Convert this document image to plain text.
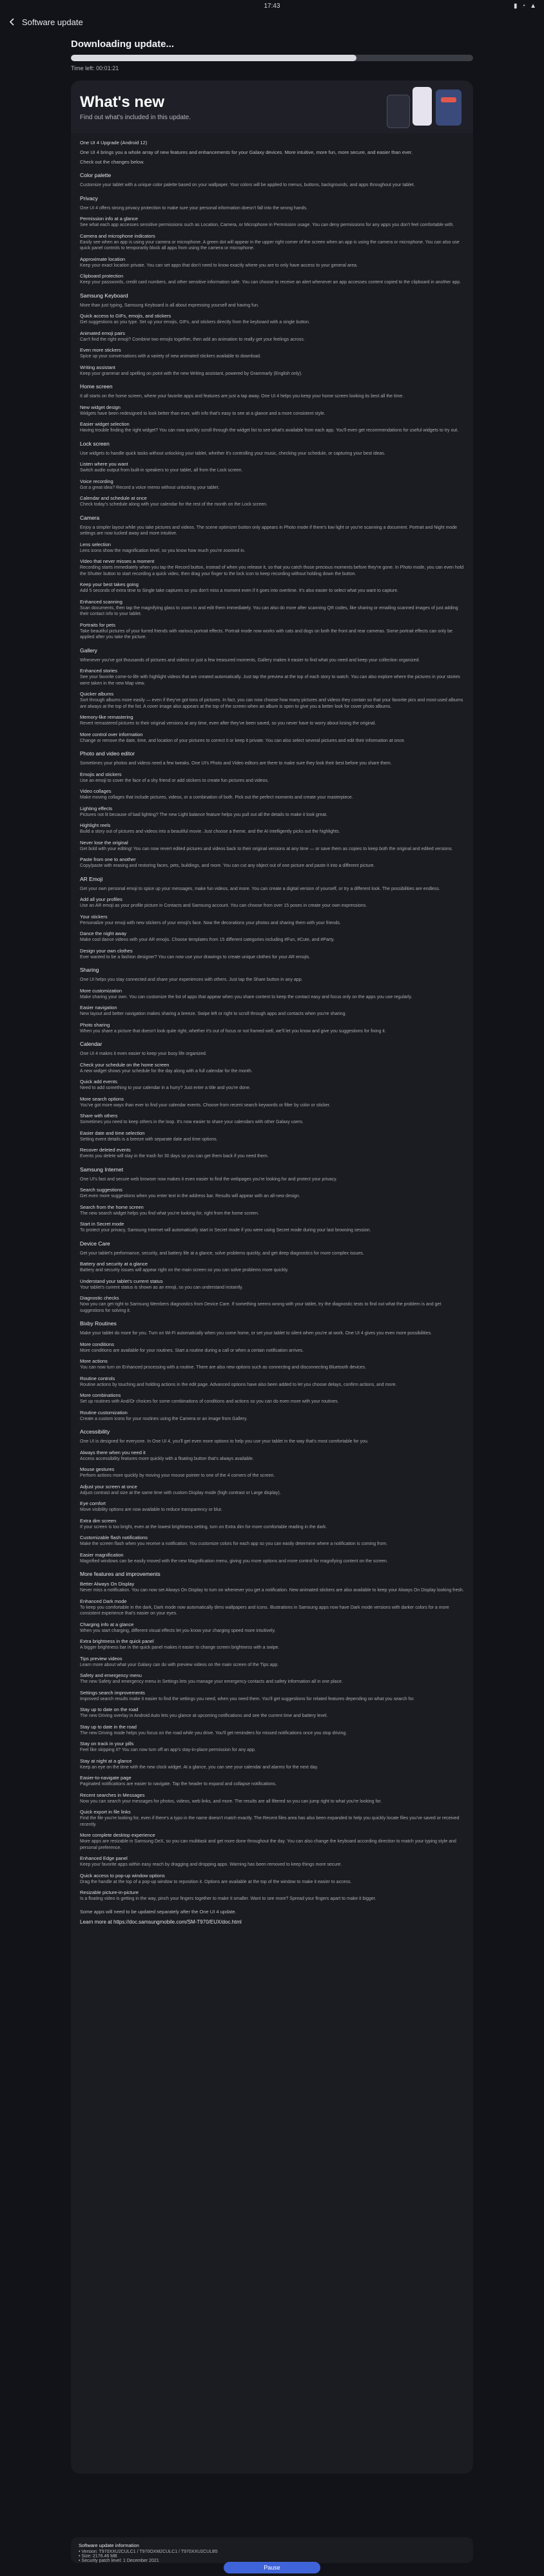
17:43	▮ ◔ ▲
Software update
Downloading update...
Time left: 00:01:21
What's new
Find out what's included in this update.

One UI 4 Upgrade (Android 12)

One UI 4 brings you a whole array of new features and enhancements for your Galaxy devices. More intuitive, more fun, more secure, and easier than ever.

Check out the changes below.

Color palette
Customize your tablet with a unique color palette based on your wallpaper. Your colors will be applied to menus, buttons, backgrounds, and apps throughout your tablet.
Privacy
One UI 4 offers strong privacy protection to make sure your personal information doesn't fall into the wrong hands.
Permission info at a glance
See what each app accesses sensitive permissions such as Location, Camera, or Microphone in Permission usage. You can deny permissions for any apps you don't feel comfortable with.
Camera and microphone indicators
Easily see when an app is using your camera or microphone. A green dot will appear in the upper right corner of the screen when an app is using the camera or microphone. You can also use quick panel controls to temporarily block all apps from using the camera or microphone.
Approximate location
Keep your exact location private. You can set apps that don't need to know exactly where you are to only have access to your general area.
Clipboard protection
Keep your passwords, credit card numbers, and other sensitive information safe. You can choose to receive an alert whenever an app accesses content copied to the clipboard in another app.
Samsung Keyboard
More than just typing, Samsung Keyboard is all about expressing yourself and having fun.
Quick access to GIFs, emojis, and stickers
Get suggestions as you type. Set up your emojis, GIFs, and stickers directly from the keyboard with a single button.
Animated emoji pairs
Can't find the right emoji? Combine two emojis together, then add an animation to really get your feelings across.
Even more stickers
Spice up your conversations with a variety of new animated stickers available to download.
Writing assistant
Keep your grammar and spelling on point with the new Writing assistant, powered by Grammarly (English only).
Home screen
It all starts on the home screen, where your favorite apps and features are just a tap away. One UI 4 helps you keep your home screen looking its best all the time.
New widget design
Widgets have been redesigned to look better than ever, with info that's easy to see at a glance and a more consistent style.
Easier widget selection
Having trouble finding the right widget? You can now quickly scroll through the widget list to see what's available from each app. You'll even get recommendations for useful widgets to try out.
Lock screen
Use widgets to handle quick tasks without unlocking your tablet, whether it's controlling your music, checking your schedule, or capturing your best ideas.
Listen where you want
Switch audio output from built-in speakers to your tablet, all from the Lock screen.
Voice recording
Got a great idea? Record a voice memo without unlocking your tablet.
Calendar and schedule at once
Check today's schedule along with your calendar for the rest of the month on the Lock screen.
Camera
Enjoy a simpler layout while you take pictures and videos. The scene optimizer button only appears in Photo mode if there's low light or you're scanning a document. Portrait and Night mode settings are now tucked away and more intuitive.
Lens selection
Lens icons show the magnification level, so you know how much you're zoomed in.
Video that never misses a moment
Recording starts immediately when you tap the Record button, instead of when you release it, so that you catch those precious moments before they're gone. In Photo mode, you can even hold the Shutter button to start recording a quick video, then drag your finger to the lock icon to keep recording without holding down the button.
Keep your best takes going
Add 5 seconds of extra time to Single take captures so you don't miss a moment even if it goes into overtime. It's also easier to select what you want to capture.
Enhanced scanning
Scan documents, then tap the magnifying glass to zoom in and edit them immediately. You can also do more after scanning QR codes, like sharing or emailing scanned images of just adding their contact info to your tablet.
Portraits for pets
Take beautiful pictures of your furred friends with various portrait effects. Portrait mode now works with cats and dogs on both the front and rear cameras. Some portrait effects can only be applied after you take the picture.
Gallery
Whenever you've got thousands of pictures and videos or just a few treasured moments, Gallery makes it easier to find what you need and keep your collection organized.
Enhanced stories
See your favorite come-to-life with highlight videos that are created automatically. Just tap the preview at the top of each story to watch. You can also explore where the pictures in your stories were taken in the new Map view.
Quicker albums
Sort through albums more easily — even if they've got tons of pictures. In fact, you can now choose how many pictures and videos they contain so that your favorite pics and most-used albums are always at the top of the list. A cover image also appears at the top of the screen when an album is open to give you a better look for cover photo albums.
Memory-like remastering
Revert remastered pictures to their original versions at any time, even after they've been saved, so you never have to worry about losing the original.
More control over information
Change or remove the date, time, and location of your pictures to correct it or keep it private. You can also select several pictures and edit their information at once.
Photo and video editor
Sometimes your photos and videos need a few tweaks. One UI's Photo and Video editors are there to make sure they look their best before you share them.
Emojis and stickers
Use an emoji to cover the face of a shy friend or add stickers to create fun pictures and videos.
Video collages
Make moving collages that include pictures, videos, or a combination of both. Pick out the perfect moments and create your masterpiece.
Lighting effects
Pictures not lit because of bad lighting? The new Light balance feature helps you pull out all the details to make it look great.
Highlight reels
Build a story out of pictures and videos into a beautiful movie. Just choose a theme, and the AI intelligently picks out the highlights.
Never lose the original
Get bold with your editing! You can now revert edited pictures and videos back to their original versions at any time — or save them as copies to keep both the original and edited versions.
Paste from one to another
Copy/paste with erasing and restoring faces, pets, buildings, and more. You can cut any object out of one picture and paste it into a different picture.
AR Emoji
Get your own personal emoji to spice up your messages, make fun videos, and more. You can create a digital version of yourself, or try a different look. The possibilities are endless.
Add all your profiles
Use an AR emoji as your profile picture in Contacts and Samsung account. You can choose from over 15 poses in create your own expressions.
Your stickers
Personalize your emoji with new stickers of your emoji's face. Now the decorations your photos and sharing them with your friends.
Dance the night away
Make cool dance videos with your AR emojis. Choose templates from 15 different categories including #Fun, #Cute, and #Party.
Design your own clothes
Ever wanted to be a fashion designer? You can now use your drawings to create unique clothes for your AR emojis.
Sharing
One UI helps you stay connected and share your experiences with others. Just tap the Share button in any app.
More customization
Make sharing your own. You can customize the list of apps that appear when you share content to keep the contact easy and focus only on the apps you use regularly.
Easier navigation
New layout and better navigation makes sharing a breeze. Swipe left or right to scroll through apps and contacts when you're sharing.
Photo sharing
When you share a picture that doesn't look quite right, whether it's out of focus or not framed well, we'll let you know and give you suggestions for fixing it.
Calendar
One UI 4 makes it even easier to keep your busy life organized.
Check your schedule on the home screen
A new widget shows your schedule for the day along with a full calendar for the month.
Quick add events
Need to add something to your calendar in a hurry? Just enter a title and you're done.
More search options
You've got more ways than ever to find your calendar events. Choose from recent search keywords or filter by color or sticker.
Share with others
Sometimes you need to keep others in the loop. It's now easier to share your calendars with other Galaxy users.
Easier date and time selection
Setting event details is a breeze with separate date and time options.
Recover deleted events
Events you delete will stay in the trash for 30 days so you can get them back if you need them.
Samsung Internet
One UI's fast and secure web browser now makes it even easier to find the webpages you're looking for and protect your privacy.
Search suggestions
Get even more suggestions when you enter text in the address bar. Results will appear with an all-new design.
Search from the home screen
The new search widget helps you find what you're looking for, right from the home screen.
Start in Secret mode
To protect your privacy, Samsung Internet will automatically start in Secret mode if you were using Secret mode during your last browsing session.
Device Care
Get your tablet's performance, security, and battery life at a glance, solve problems quickly, and get deep diagnostics for more complex issues.
Battery and security at a glance
Battery and security issues will appear right on the main screen so you can solve problems more quickly.
Understand your tablet's current status
Your tablet's current status is shown as an emoji, so you can understand instantly.
Diagnostic checks
Now you can get right to Samsung Members diagnostics from Device Care. If something seems wrong with your tablet, try the diagnostic tests to find out what the problem is and get suggestions for solving it.
Bixby Routines
Make your tablet do more for you. Turn on Wi-Fi automatically when you come home, or set your tablet to silent when you're at work. One UI 4 gives you even more possibilities.
More conditions
More conditions are available for your routines. Start a routine during a call or when a certain notification arrives.
More actions
You can now turn on Enhanced processing with a routine. There are also new options such as connecting and disconnecting Bluetooth devices.
Routine controls
Routine actions by touching and holding actions in the edit page. Advanced options have also been added to let you choose delays, confirm actions, and more.
More combinations
Set up routines with And/Or choices for some combinations of conditions and actions so you can do even more with your routines.
Routine customization
Create a custom icons for your routines using the Camera or an image from Gallery.
Accessibility
One UI is designed for everyone. In One UI 4, you'll get even more options to help you use your tablet in the way that's most comfortable for you.
Always there when you need it
Access accessibility features more quickly with a floating button that's always available.
Mouse gestures
Perform actions more quickly by moving your mouse pointer to one of the 4 corners of the screen.
Adjust your screen at once
Adjust contrast and size at the same time with custom Display mode (high contrast or Large display).
Eye comfort
Move visibility options are now available to reduce transparency or blur.
Extra dim screen
If your screen is too bright, even at the lowest brightness setting, turn on Extra dim for more comfortable reading in the dark.
Customizable flash notifications
Make the screen flash when you receive a notification. You customize colors for each app so you can easily determine where a notification is coming from.
Easier magnification
Magnified windows can be easily moved with the new Magnification menu, giving you more options and more control for magnifying content on the screen.
More features and improvements
Better Always On Display
Never miss a notification. You can now set Always On Display to turn on whenever you get a notification. New animated stickers are also available to keep your Always On Display looking fresh.
Enhanced Dark mode
To keep you comfortable in the dark, Dark mode now automatically dims wallpapers and icons. Illustrations in Samsung apps now have Dark mode versions with darker colors for a more consistent experience that's easier on your eyes.
Charging info at a glance
When you start charging, different visual effects let you know your charging speed more intuitively.
Extra brightness in the quick panel
A bigger brightness bar in the quick panel makes it easier to change screen brightness with a swipe.
Tips preview videos
Learn more about what your Galaxy can do with preview videos on the main screen of the Tips app.
Safety and emergency menu
The new Safety and emergency menu in Settings lets you manage your emergency contacts and safety information all in one place.
Settings search improvements
Improved search results make it easier to find the settings you need, when you need them. You'll get suggestions for related features depending on what you search for.
Stay up to date on the road
The new Driving overlay in Android Auto lets you glance at upcoming notifications and see the current time and battery level.
Stay up to date in the road
The new Driving mode helps you focus on the road while you drive. You'll get reminders for missed notifications once you stop driving.
Stay on track in your pills
Feel like skipping it? You can now turn off an app's stay-in-place permission for any app.
Stay at night at a glance
Keep an eye on the time with the new clock widget. At a glance, you can see your calendar and alarms for the next day.
Easier-to-navigate page
Paginated notifications are easier to navigate. Tap the header to expand and collapse notifications.
Recent searches in Messages
Now you can search your messages for photos, videos, web links, and more. The results are all filtered so you can jump right to what you're looking for.
Quick export in file links
Find the file you're looking for, even if there's a typo in the name doesn't match exactly. The Recent files area has also been expanded to help you quickly locate files you've saved or received recently.
More complete desktop experience
More apps are resizable in Samsung DeX, so you can multitask and get more done throughout the day. You can also change the keyboard according direction to match your typing style and personal preference.
Enhanced Edge panel
Keep your favorite apps within easy reach by dragging and dropping apps. Warning has been removed to keep things more secure.
Quick access to pop-up window options
Drag the handle at the top of a pop-up window to reposition it. Options are available at the top of the window to make it easier to access.
Resizable picture-in-picture
Is a floating video is getting in the way, pinch your fingers together to make it smaller. Want to see more? Spread your fingers apart to make it bigger.
Some apps will need to be updated separately after the One UI 4 update.
Learn more at https://doc.samsungmobile.com/SM-T970/EUX/doc.html
Software update information
• Version: T970XXU2CULC1 / T970OXM2CULC1 / T970XXU2CULB5
• Size: 2176.46 MB
• Security patch level: 1 December 2021
Pause
